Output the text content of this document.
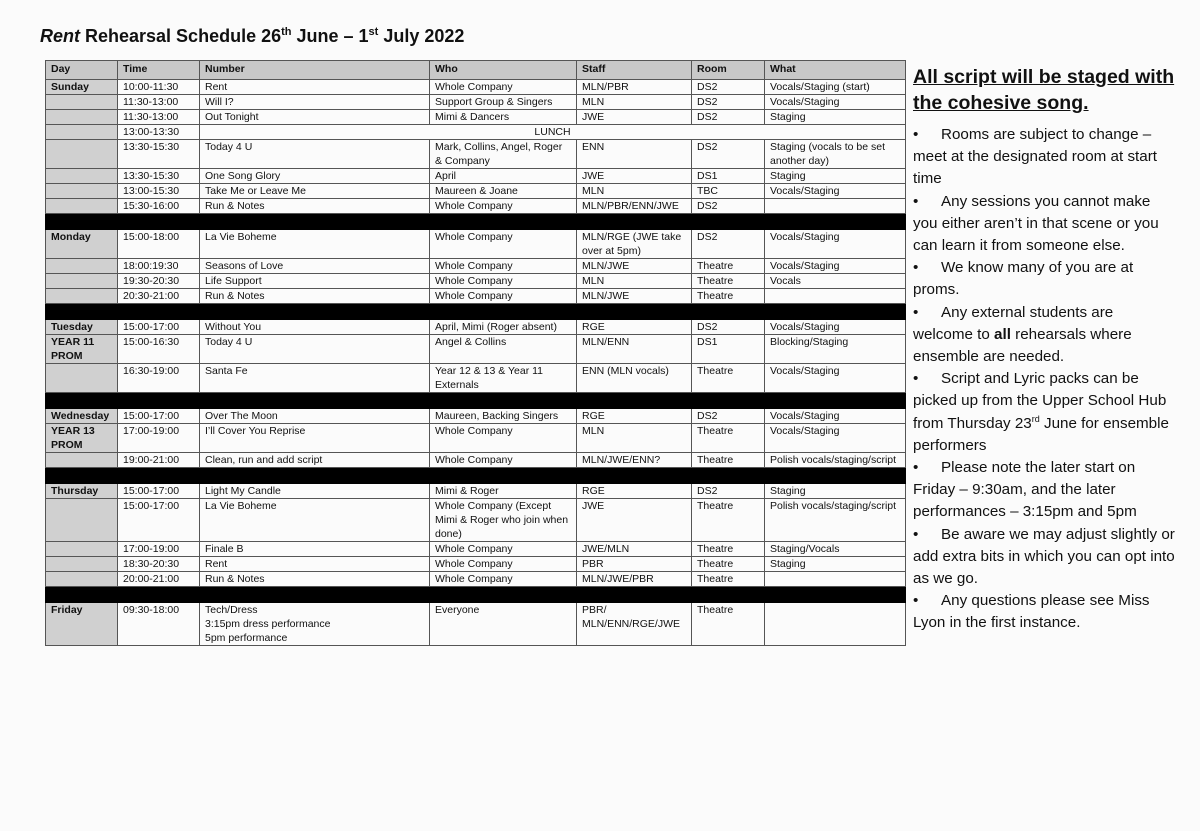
Rent Rehearsal Schedule 26th June – 1st July 2022
Day	Time	Number	Who	Staff	Room	What
Sunday	10:00-11:30	Rent	Whole Company	MLN/PBR	DS2	Vocals/Staging (start)
	11:30-13:00	Will I?	Support Group & Singers	MLN	DS2	Vocals/Staging
	11:30-13:00	Out Tonight	Mimi & Dancers	JWE	DS2	Staging
	13:00-13:30	LUNCH				
	13:30-15:30	Today 4 U	Mark, Collins, Angel, Roger & Company	ENN	DS2	Staging (vocals to be set another day)
	13:30-15:30	One Song Glory	April	JWE	DS1	Staging
	13:00-15:30	Take Me or Leave Me	Maureen & Joane	MLN	TBC	Vocals/Staging
	15:30-16:00	Run & Notes	Whole Company	MLN/PBR/ENN/JWE	DS2	

Monday	15:00-18:00	La Vie Boheme	Whole Company	MLN/RGE (JWE take over at 5pm)	DS2	Vocals/Staging
	18:00:19:30	Seasons of Love	Whole Company	MLN/JWE	Theatre	Vocals/Staging
	19:30-20:30	Life Support	Whole Company	MLN	Theatre	Vocals
	20:30-21:00	Run & Notes	Whole Company	MLN/JWE	Theatre	

Tuesday	15:00-17:00	Without You	April, Mimi (Roger absent)	RGE	DS2	Vocals/Staging
YEAR 11 PROM	15:00-16:30	Today 4 U	Angel & Collins	MLN/ENN	DS1	Blocking/Staging
	16:30-19:00	Santa Fe	Year 12 & 13 & Year 11 Externals	ENN (MLN vocals)	Theatre	Vocals/Staging

Wednesday	15:00-17:00	Over The Moon	Maureen, Backing Singers	RGE	DS2	Vocals/Staging
YEAR 13 PROM	17:00-19:00	I’ll Cover You Reprise	Whole Company	MLN	Theatre	Vocals/Staging
	19:00-21:00	Clean, run and add script	Whole Company	MLN/JWE/ENN?	Theatre	Polish vocals/staging/script

Thursday	15:00-17:00	Light My Candle	Mimi & Roger	RGE	DS2	Staging
	15:00-17:00	La Vie Boheme	Whole Company (Except Mimi & Roger who join when done)	JWE	Theatre	Polish vocals/staging/script
	17:00-19:00	Finale B	Whole Company	JWE/MLN	Theatre	Staging/Vocals
	18:30-20:30	Rent	Whole Company	PBR	Theatre	Staging
	20:00-21:00	Run & Notes	Whole Company	MLN/JWE/PBR	Theatre	

Friday	09:30-18:00	Tech/Dress
3:15pm dress performance
5pm performance	Everyone	PBR/
MLN/ENN/RGE/JWE	Theatre	
All script will be staged with the cohesive song.
• Rooms are subject to change – meet at the designated room at start time
• Any sessions you cannot make you either aren’t in that scene or you can learn it from someone else.
• We know many of you are at proms.
• Any external students are welcome to all rehearsals where ensemble are needed.
• Script and Lyric packs can be picked up from the Upper School Hub from Thursday 23rd June for ensemble performers
• Please note the later start on Friday – 9:30am, and the later performances – 3:15pm and 5pm
• Be aware we may adjust slightly or add extra bits in which you can opt into as we go.
• Any questions please see Miss Lyon in the first instance.
